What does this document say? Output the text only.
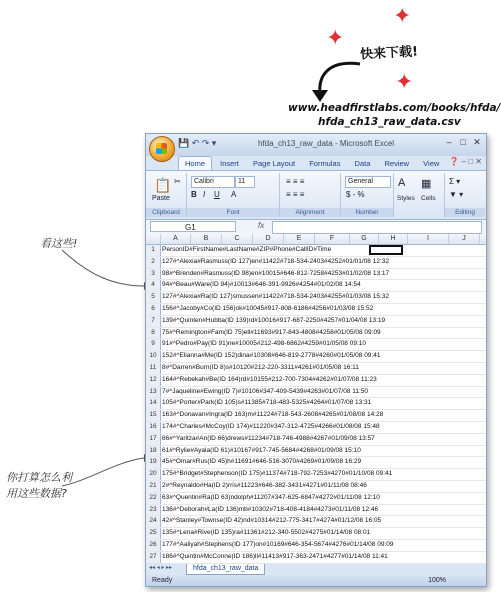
✦
✦
✦
快来下载!
www.headfirstlabs.com/books/hfda/
hfda_ch13_raw_data.csv
看这些!
你打算怎么利
用这些数据?
💾 ↶ ↷ ▾	hfda_ch13_raw_data - Microsoft Excel	– □ ✕
Home Insert Page Layout Formulas Data Review View ❓ – □ ✕
📋
Paste
✂
Clipboard
Calibri	11
B I U A
Font
≡ ≡ ≡
≡ ≡ ≡
Alignment
General
$ - %
Number
A
Styles
▦
Cells
Σ ▾
▼ ▾
Editing
G1	fx
A	B	C	D	E	F	G	H	I	J
1	PersonID#FirstName#LastName#ZIP#Phone#CallID#Time
2	127#^Alexia#Rasmuss(ID 127)en#11422#718-534-2403#4252#01/01/08 12:32
3	98#^Brenden#Rasmuss(ID 98)en#10015#646-812-7258#4253#01/02/08 13:17
4	94#^Beau#Ware(ID 94)#10013#646-391-9926#4254#01/02/08 14:54
5	127#^Alexia#Ra(ID 127)smussen#11422#718-534-2403#4255#01/03/08 15:32
6	156#^Jacoby#Co(ID 156)ok#10045#917-808-6186#4256#01/03/08 15:52
7	139#^Quinten#Hubba(ID 139)rd#10016#917-687-2250#4257#01/04/08 13:19
8	75#^Remington#Fam(ID 75)ell#11693#917-843-4808#4258#01/05/08 09:09
9	91#^Pedro#Pay(ID 91)ne#10005#212-498-6862#4259#01/05/08 09:10
10 152#^Elianna#Me(ID 152)dina#10308#646-819-2778#4260#01/05/08 09:41
11 8#^Darren#Burn(ID 8)s#10120#212-220-3311#4261#01/05/08 16:11
12 164#^Rebekah#Be(ID 164)rd#10155#212-700-7304#4262#01/07/08 11:23
13 7#^Jaqueline#Ewing(ID 7)#10106#347-409-5439#4263#01/07/08 11:50
14 105#^Porter#Park(ID 105)s#11385#718-483-5325#4264#01/07/08 13:31
15 163#^Donavan#Ingra(ID 163)m#11224#718-543-2608#4265#01/08/08 14:28
16 174#^Charles#McCoy(ID 174)#11220#347-312-4725#4266#01/08/08 15:48
17 66#^Yaritza#An(ID 66)drews#11234#718-746-4988#4267#01/09/08 13:57
18 61#^Rylie#Ayala(ID 61)#10167#917-745-5684#4268#01/09/08 15:10
19 45#^Omar#Rus(ID 45)h#11691#646-516-3070#4269#01/09/08 16:29
20 175#^Bridget#Stephenson(ID 175)#11374#718-792-7253#4270#01/10/08 09:41
21 2#^Reynaldo#Ha(ID 2)rris#11223#646-382-3431#4271#01/11/08 08:46
22 63#^Quentin#Ra(ID 63)ndolph#11207#347-625-6847#4272#01/11/08 12:10
23 136#^Deborah#La(ID 136)mb#10302#718-408-4184#4273#01/11/08 12:46
24 42#^Stanley#Townse(ID 42)nd#10314#212-775-3417#4274#01/12/08 16:05
25 135#^Lena#Rive(ID 135)ra#11361#212-340-5502#4275#01/14/08 08:01
26 177#^Aaliyah#Stephens(ID 177)on#10169#646-354-5674#4276#01/14/08 09:09
27 186#^Quintin#McConne(ID 186)ll#11413#917-363-2471#4277#01/14/08 11:41
◂◂ ◂ ▸ ▸▸	hfda_ch13_raw_data
Ready	100%
